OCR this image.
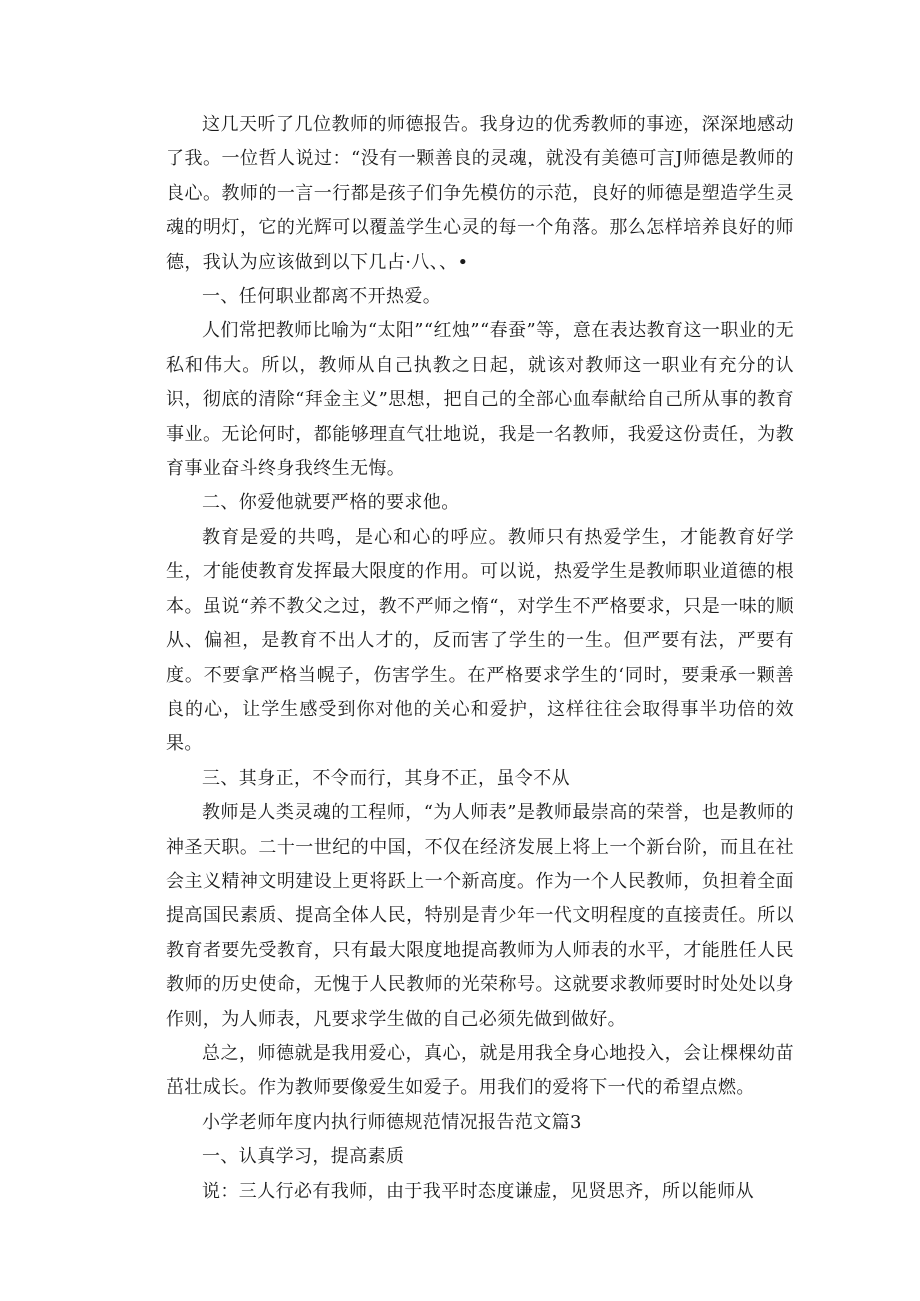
这几天听了几位教师的师德报告。我身边的优秀教师的事迹，深深地感动了我。一位哲人说过：“没有一颗善良的灵魂，就没有美德可言J师德是教师的良心。教师的一言一行都是孩子们争先模仿的示范，良好的师德是塑造学生灵魂的明灯，它的光辉可以覆盖学生心灵的每一个角落。那么怎样培养良好的师德，我认为应该做到以下几占·八、、•

一、任何职业都离不开热爱。

人们常把教师比喻为“太阳”“红烛”“春蚕”等，意在表达教育这一职业的无私和伟大。所以，教师从自己执教之日起，就该对教师这一职业有充分的认识，彻底的清除“拜金主义”思想，把自己的全部心血奉献给自己所从事的教育事业。无论何时，都能够理直气壮地说，我是一名教师，我爱这份责任，为教育事业奋斗终身我终生无悔。

二、你爱他就要严格的要求他。

教育是爱的共鸣，是心和心的呼应。教师只有热爱学生，才能教育好学生，才能使教育发挥最大限度的作用。可以说，热爱学生是教师职业道德的根本。虽说“养不教父之过，教不严师之惰“，对学生不严格要求，只是一味的顺从、偏袒，是教育不出人才的，反而害了学生的一生。但严要有法，严要有度。不要拿严格当幌子，伤害学生。在严格要求学生的‘同时，要秉承一颗善良的心，让学生感受到你对他的关心和爱护，这样往往会取得事半功倍的效果。

三、其身正，不令而行，其身不正，虽令不从

教师是人类灵魂的工程师，“为人师表”是教师最崇高的荣誉，也是教师的神圣天职。二十一世纪的中国，不仅在经济发展上将上一个新台阶，而且在社会主义精神文明建设上更将跃上一个新高度。作为一个人民教师，负担着全面提高国民素质、提高全体人民，特别是青少年一代文明程度的直接责任。所以教育者要先受教育，只有最大限度地提高教师为人师表的水平，才能胜任人民教师的历史使命，无愧于人民教师的光荣称号。这就要求教师要时时处处以身作则，为人师表，凡要求学生做的自己必须先做到做好。

总之，师德就是我用爱心，真心，就是用我全身心地投入，会让棵棵幼苗茁壮成长。作为教师要像爱生如爱子。用我们的爱将下一代的希望点燃。

小学老师年度内执行师德规范情况报告范文篇3

一、认真学习，提高素质

说：三人行必有我师，由于我平时态度谦虚，见贤思齐，所以能师从
